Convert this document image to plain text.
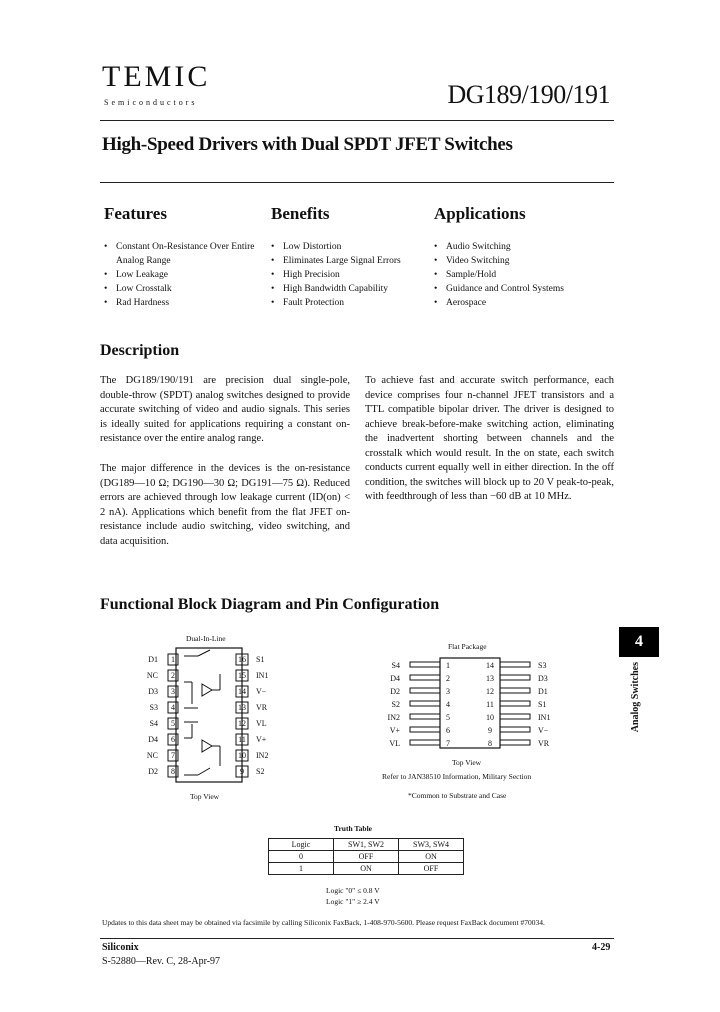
TEMIC
Semiconductors	DG189/190/191
High-Speed Drivers with Dual SPDT JFET Switches
Features
• Constant On-Resistance Over Entire Analog Range
• Low Leakage
• Low Crosstalk
• Rad Hardness
Benefits
• Low Distortion
• Eliminates Large Signal Errors
• High Precision
• High Bandwidth Capability
• Fault Protection
Applications
• Audio Switching
• Video Switching
• Sample/Hold
• Guidance and Control Systems
• Aerospace
Description
The DG189/190/191 are precision dual single-pole, double-throw (SPDT) analog switches designed to provide accurate switching of video and audio signals. This series is ideally suited for applications requiring a constant on-resistance over the entire analog range.
The major difference in the devices is the on-resistance (DG189—10 Ω; DG190—30 Ω; DG191—75 Ω). Reduced errors are achieved through low leakage current (ID(on) < 2 nA). Applications which benefit from the flat JFET on-resistance include audio switching, video switching, and data acquisition.
To achieve fast and accurate switch performance, each device comprises four n-channel JFET transistors and a TTL compatible bipolar driver. The driver is designed to achieve break-before-make switching action, eliminating the inadvertent shorting between channels and the crosstalk which would result. In the on state, each switch conducts current equally well in either direction. In the off condition, the switches will block up to 20 V peak-to-peak, with feedthrough of less than −60 dB at 10 MHz.
Functional Block Diagram and Pin Configuration
4
Analog Switches
Dual-In-Line
D1 1
NC 2
D3 3
S3 4
S4 5
D4 6
NC 7
D2 8
16 S1
15 IN1
14 V−
13 VR
12 VL
11 V+
10 IN2
9 S2
Top View
Flat Package
S4	1
D4	2
D2	3
S2	4
IN2	5
V+	6
VL	7
14	S3
13	D3
12	D1
11	S1
10	IN1
9	V−
8	VR
Top View
Refer to JAN38510 Information, Military Section
*Common to Substrate and Case
Truth Table
Logic	SW1, SW2	SW3, SW4
0	OFF	ON
1	ON	OFF
Logic "0" ≤ 0.8 V
Logic "1" ≥ 2.4 V
Updates to this data sheet may be obtained via facsimile by calling Siliconix FaxBack, 1-408-970-5600. Please request FaxBack document #70034.
Siliconix
S-52880—Rev. C, 28-Apr-97
4-29
